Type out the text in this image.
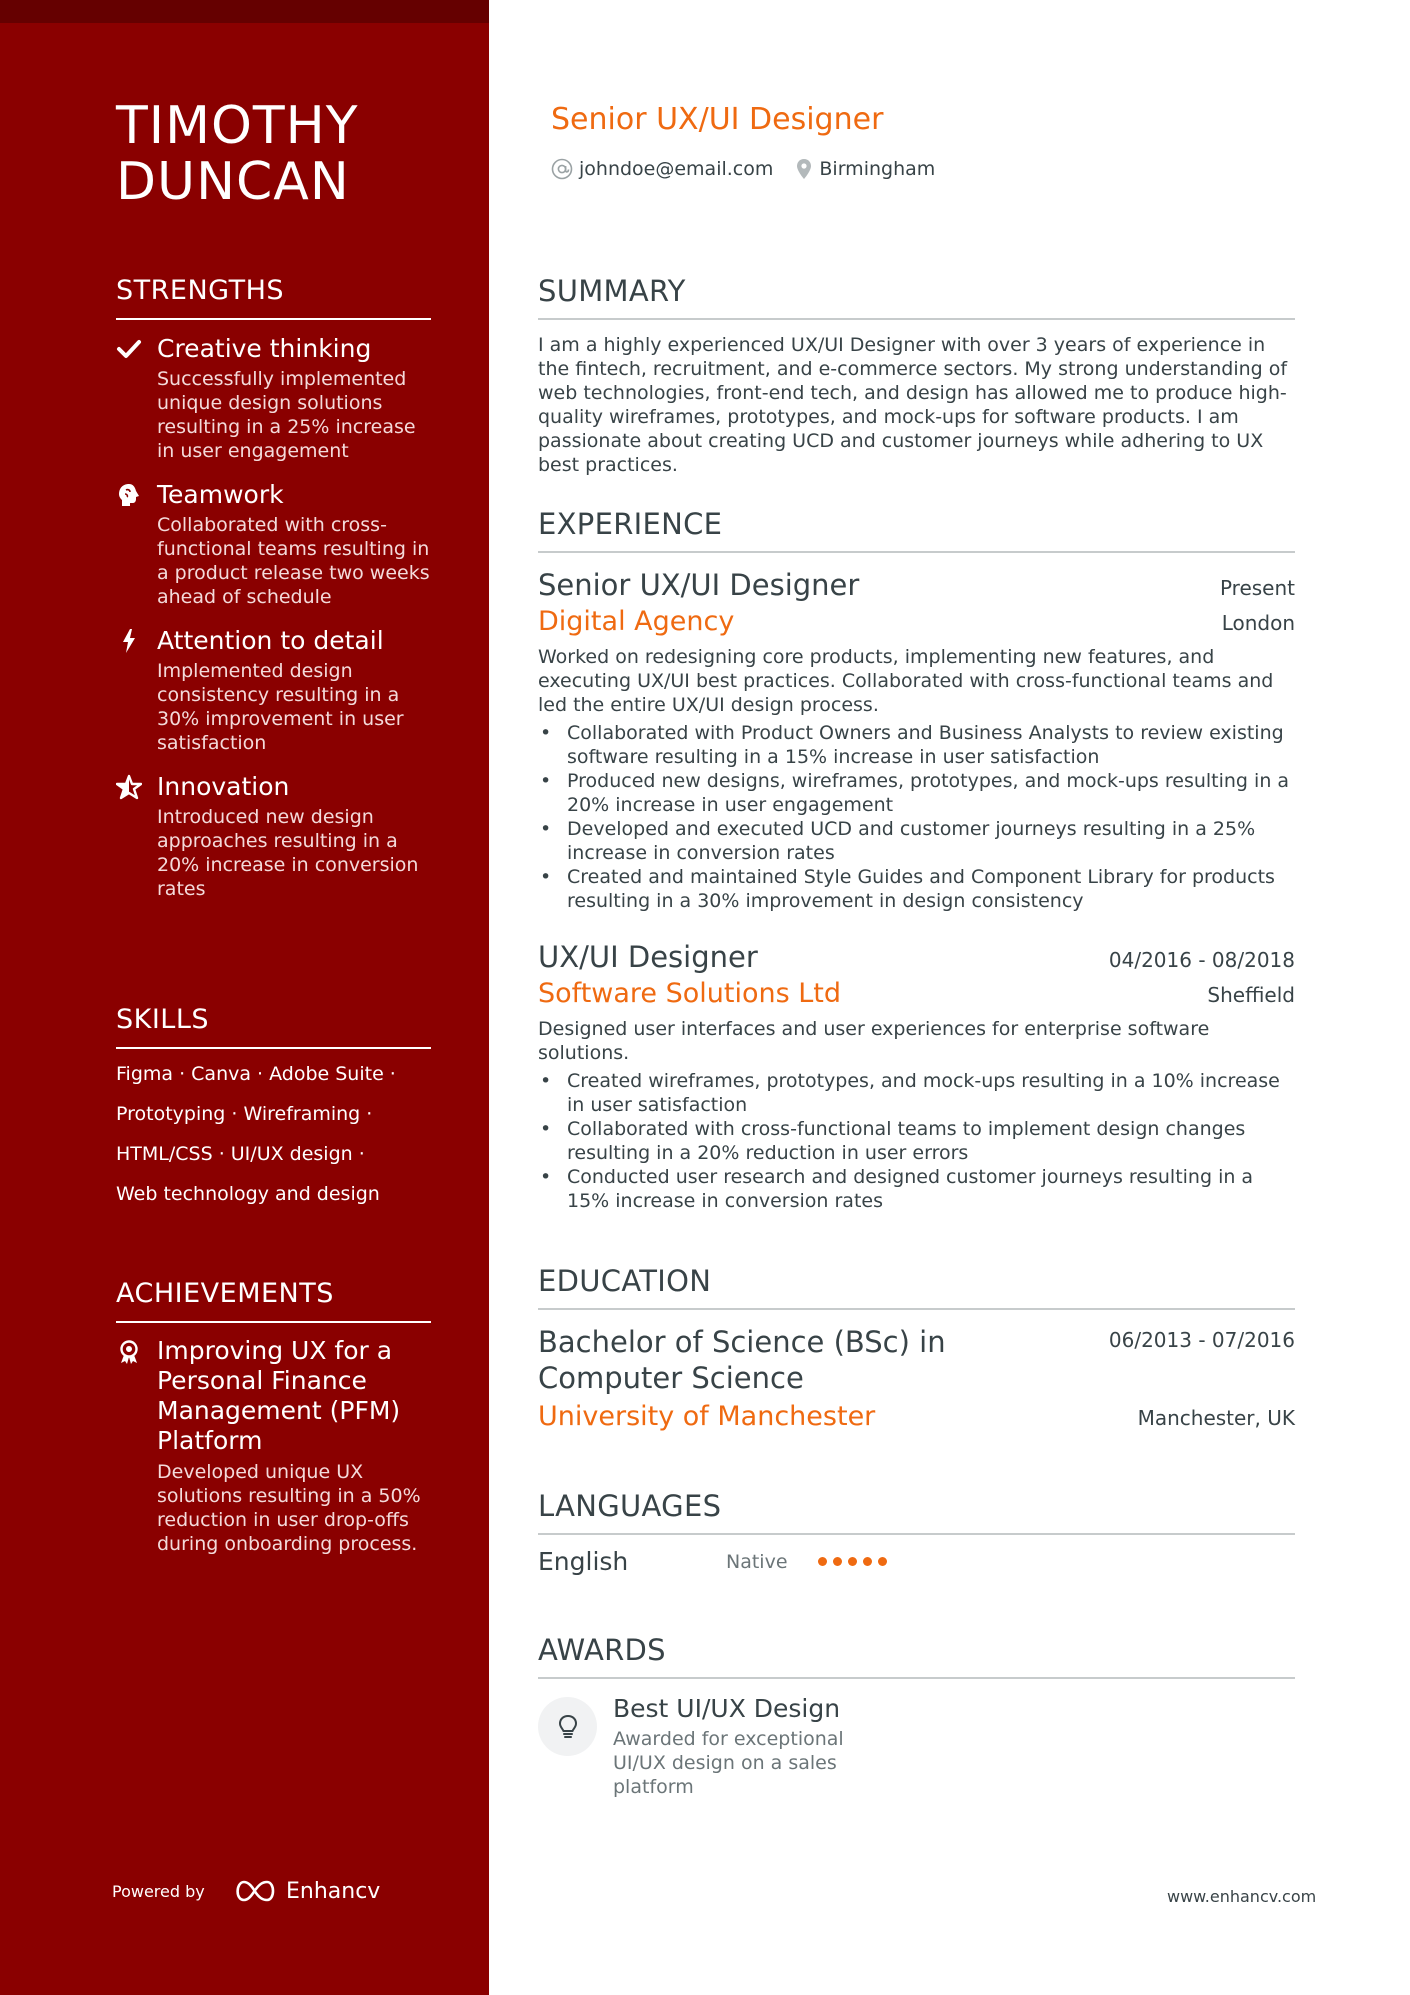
TIMOTHY
DUNCAN
STRENGTHS
Creative thinking
Successfully implemented unique design solutions resulting in a 25% increase in user engagement
Teamwork
Collaborated with cross-functional teams resulting in a product release two weeks ahead of schedule
Attention to detail
Implemented design consistency resulting in a 30% improvement in user satisfaction
Innovation
Introduced new design approaches resulting in a 20% increase in conversion rates
SKILLS
Figma · Canva · Adobe Suite ·
Prototyping · Wireframing ·
HTML/CSS · UI/UX design ·
Web technology and design
ACHIEVEMENTS
Improving UX for a Personal Finance Management (PFM) Platform
Developed unique UX solutions resulting in a 50% reduction in user drop-offs during onboarding process.
Powered by	Enhancv
Senior UX/UI Designer
johndoe@email.com Birmingham
SUMMARY
I am a highly experienced UX/UI Designer with over 3 years of experience in the fintech, recruitment, and e-commerce sectors. My strong understanding of web technologies, front-end tech, and design has allowed me to produce high-quality wireframes, prototypes, and mock-ups for software products. I am passionate about creating UCD and customer journeys while adhering to UX best practices.
EXPERIENCE
Senior UX/UI Designer	Present
Digital Agency	London
Worked on redesigning core products, implementing new features, and executing UX/UI best practices. Collaborated with cross-functional teams and led the entire UX/UI design process.
• Collaborated with Product Owners and Business Analysts to review existing software resulting in a 15% increase in user satisfaction
• Produced new designs, wireframes, prototypes, and mock-ups resulting in a 20% increase in user engagement
• Developed and executed UCD and customer journeys resulting in a 25% increase in conversion rates
• Created and maintained Style Guides and Component Library for products resulting in a 30% improvement in design consistency
UX/UI Designer	04/2016 - 08/2018
Software Solutions Ltd	Sheffield
Designed user interfaces and user experiences for enterprise software solutions.
• Created wireframes, prototypes, and mock-ups resulting in a 10% increase in user satisfaction
• Collaborated with cross-functional teams to implement design changes resulting in a 20% reduction in user errors
• Conducted user research and designed customer journeys resulting in a 15% increase in conversion rates
EDUCATION
Bachelor of Science (BSc) in Computer Science
06/2013 - 07/2016
University of Manchester	Manchester, UK
LANGUAGES
English	Native
AWARDS
Best UI/UX Design
Awarded for exceptional UI/UX design on a sales platform
www.enhancv.com
